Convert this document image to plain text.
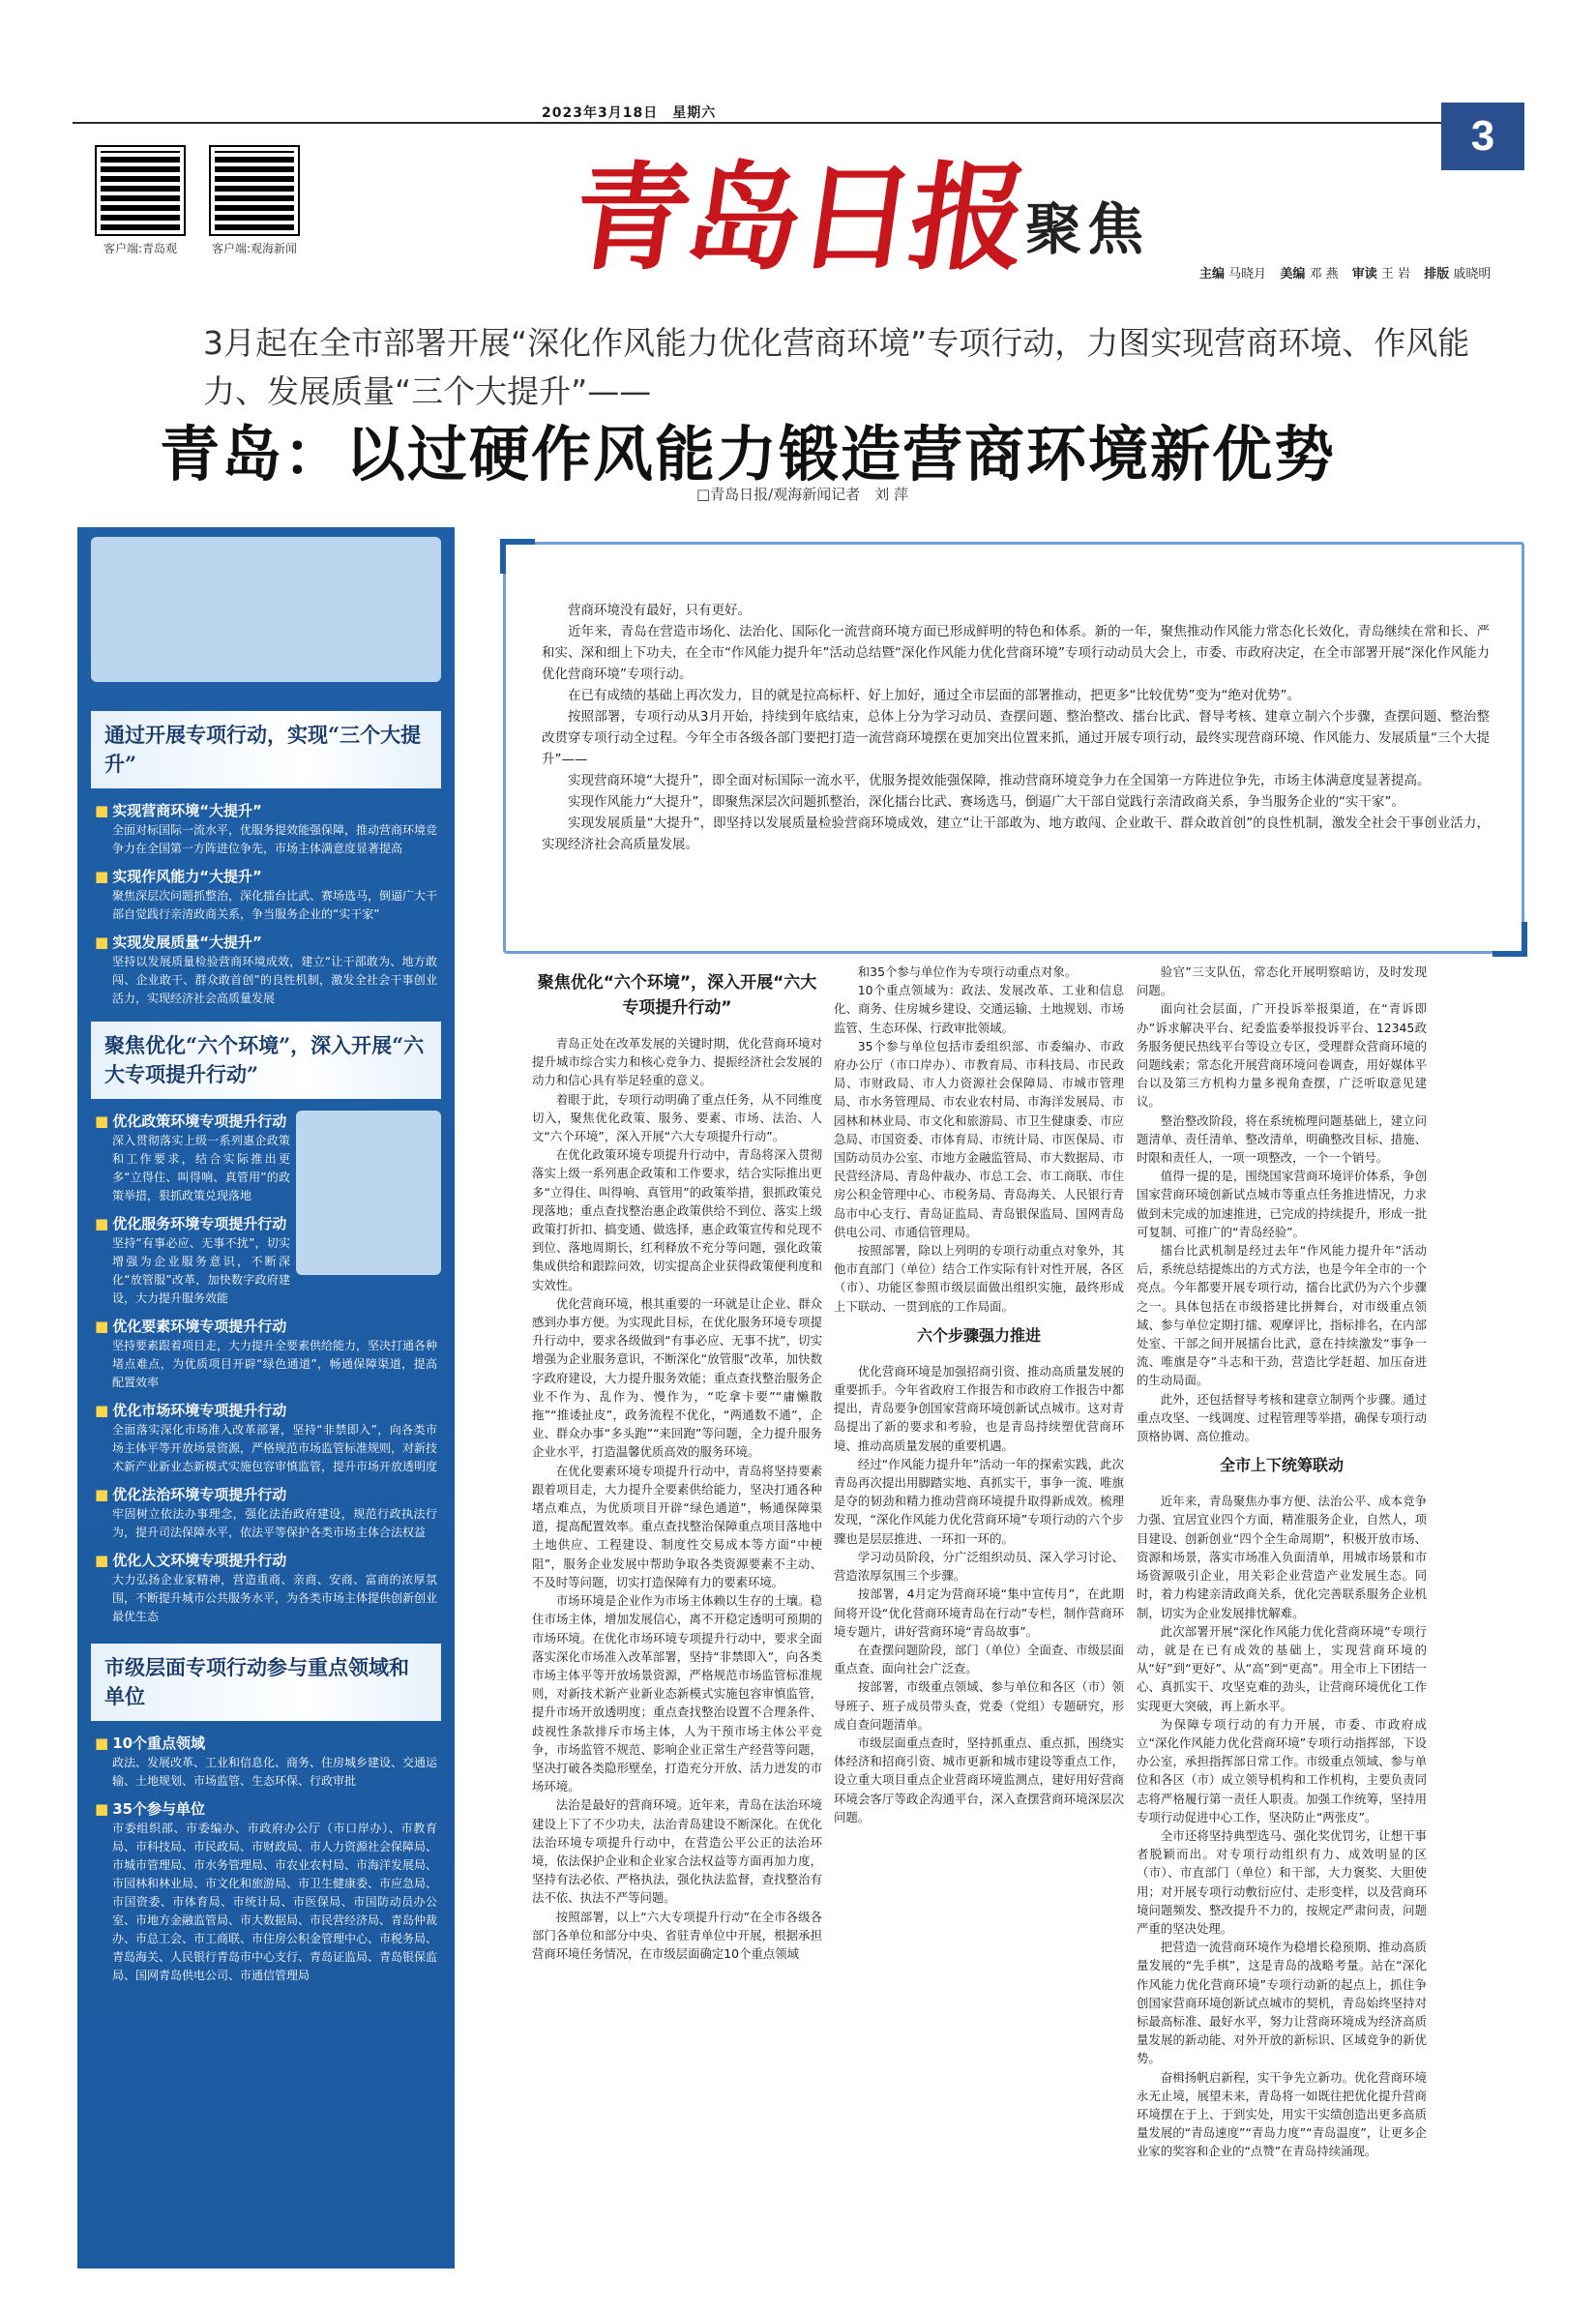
2023年3月18日　星期六	3
客户端:青岛观	客户端:观海新闻 青岛日报
聚焦
主编 马晓月 美编 邓 燕 审读 王 岩 排版 戚晓明
3月起在全市部署开展“深化作风能力优化营商环境”专项行动，力图实现营商环境、作风能力、发展质量“三个大提升”——
青岛：以过硬作风能力锻造营商环境新优势
□青岛日报/观海新闻记者　刘 萍
通过开展专项行动，实现“三个大提升”
■ 实现营商环境“大提升”
全面对标国际一流水平，优服务提效能强保障，推动营商环境竞争力在全国第一方阵进位争先，市场主体满意度显著提高
■ 实现作风能力“大提升”
聚焦深层次问题抓整治，深化擂台比武、赛场选马，倒逼广大干部自觉践行亲清政商关系，争当服务企业的“实干家”
■ 实现发展质量“大提升”
坚持以发展质量检验营商环境成效，建立“让干部敢为、地方敢闯、企业敢干、群众敢首创”的良性机制，激发全社会干事创业活力，实现经济社会高质量发展
聚焦优化“六个环境”，深入开展“六大专项提升行动”
■ 优化政策环境专项提升行动
深入贯彻落实上级一系列惠企政策和工作要求，结合实际推出更多“立得住、叫得响、真管用”的政策举措，狠抓政策兑现落地
■ 优化服务环境专项提升行动
坚持“有事必应、无事不扰”，切实增强为企业服务意识，不断深化“放管服”改革，加快数字政府建设，大力提升服务效能
■ 优化要素环境专项提升行动
坚持要素跟着项目走，大力提升全要素供给能力，坚决打通各种堵点难点，为优质项目开辟“绿色通道”，畅通保障渠道，提高配置效率
■ 优化市场环境专项提升行动
全面落实深化市场准入改革部署，坚持“非禁即入”，向各类市场主体平等开放场景资源，严格规范市场监管标准规则，对新技术新产业新业态新模式实施包容审慎监管，提升市场开放透明度
■ 优化法治环境专项提升行动
牢固树立依法办事理念，强化法治政府建设，规范行政执法行为，提升司法保障水平，依法平等保护各类市场主体合法权益
■ 优化人文环境专项提升行动
大力弘扬企业家精神，营造重商、亲商、安商、富商的浓厚氛围，不断提升城市公共服务水平，为各类市场主体提供创新创业最优生态
市级层面专项行动参与重点领域和单位
■ 10个重点领域
政法、发展改革、工业和信息化、商务、住房城乡建设、交通运输、土地规划、市场监管、生态环保、行政审批
■ 35个参与单位
市委组织部、市委编办、市政府办公厅（市口岸办）、市教育局、市科技局、市民政局、市财政局、市人力资源社会保障局、市城市管理局、市水务管理局、市农业农村局、市海洋发展局、市园林和林业局、市文化和旅游局、市卫生健康委、市应急局、市国资委、市体育局、市统计局、市医保局、市国防动员办公室、市地方金融监管局、市大数据局、市民营经济局、青岛仲裁办、市总工会、市工商联、市住房公积金管理中心、市税务局、青岛海关、人民银行青岛市中心支行、青岛证监局、青岛银保监局、国网青岛供电公司、市通信管理局

营商环境没有最好，只有更好。

近年来，青岛在营造市场化、法治化、国际化一流营商环境方面已形成鲜明的特色和体系。新的一年，聚焦推动作风能力常态化长效化，青岛继续在常和长、严和实、深和细上下功夫，在全市“作风能力提升年”活动总结暨“深化作风能力优化营商环境”专项行动动员大会上，市委、市政府决定，在全市部署开展“深化作风能力优化营商环境”专项行动。

在已有成绩的基础上再次发力，目的就是拉高标杆、好上加好，通过全市层面的部署推动，把更多“比较优势”变为“绝对优势”。

按照部署，专项行动从3月开始，持续到年底结束，总体上分为学习动员、查摆问题、整治整改、擂台比武、督导考核、建章立制六个步骤，查摆问题、整治整改贯穿专项行动全过程。今年全市各级各部门要把打造一流营商环境摆在更加突出位置来抓，通过开展专项行动，最终实现营商环境、作风能力、发展质量“三个大提升”——

实现营商环境“大提升”，即全面对标国际一流水平，优服务提效能强保障，推动营商环境竞争力在全国第一方阵进位争先，市场主体满意度显著提高。

实现作风能力“大提升”，即聚焦深层次问题抓整治，深化擂台比武、赛场选马，倒逼广大干部自觉践行亲清政商关系，争当服务企业的“实干家”。

实现发展质量“大提升”，即坚持以发展质量检验营商环境成效，建立“让干部敢为、地方敢闯、企业敢干、群众敢首创”的良性机制，激发全社会干事创业活力，实现经济社会高质量发展。

聚焦优化“六个环境”，深入开展“六大专项提升行动”

青岛正处在改革发展的关键时期，优化营商环境对提升城市综合实力和核心竞争力、提振经济社会发展的动力和信心具有举足轻重的意义。

着眼于此，专项行动明确了重点任务，从不同维度切入，聚焦优化政策、服务、要素、市场、法治、人文“六个环境”，深入开展“六大专项提升行动”。

在优化政策环境专项提升行动中，青岛将深入贯彻落实上级一系列惠企政策和工作要求，结合实际推出更多“立得住、叫得响、真管用”的政策举措，狠抓政策兑现落地；重点查找整治惠企政策供给不到位、落实上级政策打折扣、搞变通、做选择，惠企政策宣传和兑现不到位、落地周期长，红利释放不充分等问题，强化政策集成供给和跟踪问效，切实提高企业获得政策便利度和实效性。

优化营商环境，根其重要的一环就是让企业、群众感到办事方便。为实现此目标，在优化服务环境专项提升行动中，要求各级做到“有事必应、无事不扰”，切实增强为企业服务意识，不断深化“放管服”改革，加快数字政府建设，大力提升服务效能；重点查找整治服务企业不作为、乱作为、慢作为，“吃拿卡要”“庸懒散拖”“推诿扯皮”，政务流程不优化，“两通数不通”，企业、群众办事“多头跑”“来回跑”等问题，全力提升服务企业水平，打造温馨优质高效的服务环境。

在优化要素环境专项提升行动中，青岛将坚持要素跟着项目走，大力提升全要素供给能力，坚决打通各种堵点难点，为优质项目开辟“绿色通道”，畅通保障渠道，提高配置效率。重点查找整治保障重点项目落地中土地供应、工程建设、制度性交易成本等方面“中梗阻”，服务企业发展中帮助争取各类资源要素不主动、不及时等问题，切实打造保障有力的要素环境。

市场环境是企业作为市场主体赖以生存的土壤。稳住市场主体，增加发展信心，离不开稳定透明可预期的市场环境。在优化市场环境专项提升行动中，要求全面落实深化市场准入改革部署，坚持“非禁即入”，向各类市场主体平等开放场景资源，严格规范市场监管标准规则，对新技术新产业新业态新模式实施包容审慎监管，提升市场开放透明度；重点查找整治设置不合理条件、歧视性条款排斥市场主体，人为干预市场主体公平竞争，市场监管不规范、影响企业正常生产经营等问题，坚决打破各类隐形壁垒，打造充分开放、活力迸发的市场环境。

法治是最好的营商环境。近年来，青岛在法治环境建设上下了不少功夫，法治青岛建设不断深化。在优化法治环境专项提升行动中，在营造公平公正的法治环境，依法保护企业和企业家合法权益等方面再加力度，坚持有法必依、严格执法，强化执法监督，查找整治有法不依、执法不严等问题。

按照部署，以上“六大专项提升行动”在全市各级各部门各单位和部分中央、省驻青单位中开展，根据承担营商环境任务情况，在市级层面确定10个重点领域

和35个参与单位作为专项行动重点对象。

10个重点领域为：政法、发展改革、工业和信息化、商务、住房城乡建设、交通运输、土地规划、市场监管、生态环保、行政审批领域。

35个参与单位包括市委组织部、市委编办、市政府办公厅（市口岸办）、市教育局、市科技局、市民政局、市财政局、市人力资源社会保障局、市城市管理局、市水务管理局、市农业农村局、市海洋发展局、市园林和林业局、市文化和旅游局、市卫生健康委、市应急局、市国资委、市体育局、市统计局、市医保局、市国防动员办公室、市地方金融监管局、市大数据局、市民营经济局、青岛仲裁办、市总工会、市工商联、市住房公积金管理中心、市税务局、青岛海关、人民银行青岛市中心支行、青岛证监局、青岛银保监局、国网青岛供电公司、市通信管理局。

按照部署，除以上列明的专项行动重点对象外，其他市直部门（单位）结合工作实际有针对性开展，各区（市）、功能区参照市级层面做出组织实施，最终形成上下联动、一贯到底的工作局面。

六个步骤强力推进

优化营商环境是加强招商引资、推动高质量发展的重要抓手。今年省政府工作报告和市政府工作报告中都提出，青岛要争创国家营商环境创新试点城市。这对青岛提出了新的要求和考验，也是青岛持续塑优营商环境、推动高质量发展的重要机遇。

经过“作风能力提升年”活动一年的探索实践，此次青岛再次提出用脚踏实地、真抓实干，事争一流、唯旗是夺的韧劲和精力推动营商环境提升取得新成效。梳理发现，“深化作风能力优化营商环境”专项行动的六个步骤也是层层推进、一环扣一环的。

学习动员阶段，分广泛组织动员、深入学习讨论、营造浓厚氛围三个步骤。

按部署，4月定为营商环境“集中宣传月”，在此期间将开设“优化营商环境青岛在行动”专栏，制作营商环境专题片，讲好营商环境“青岛故事”。

在查摆问题阶段，部门（单位）全面查、市级层面重点查、面向社会广泛查。

按部署，市级重点领域、参与单位和各区（市）领导班子、班子成员带头查，党委（党组）专题研究，形成自查问题清单。

市级层面重点查时，坚持抓重点、重点抓，围绕实体经济和招商引资、城市更新和城市建设等重点工作，设立重大项目重点企业营商环境监测点，建好用好营商环境会客厅等政企沟通平台，深入查摆营商环境深层次问题。

验官”三支队伍，常态化开展明察暗访，及时发现问题。

面向社会层面，广开投诉举报渠道，在“青诉即办”诉求解决平台、纪委监委举报投诉平台、12345政务服务便民热线平台等设立专区，受理群众营商环境的问题线索；常态化开展营商环境问卷调查，用好媒体平台以及第三方机构力量多视角查摆，广泛听取意见建议。

整治整改阶段，将在系统梳理问题基础上，建立问题清单、责任清单、整改清单，明确整改目标、措施、时限和责任人，一项一项整改，一个一个销号。

值得一提的是，围绕国家营商环境评价体系，争创国家营商环境创新试点城市等重点任务推进情况，力求做到未完成的加速推进，已完成的持续提升，形成一批可复制、可推广的“青岛经验”。

擂台比武机制是经过去年“作风能力提升年”活动后，系统总结提炼出的方式方法，也是今年全市的一个亮点。今年都要开展专项行动，擂台比武仍为六个步骤之一。具体包括在市级搭建比拼舞台，对市级重点领域、参与单位定期打擂、观摩评比，指标排名，在内部处室、干部之间开展擂台比武，意在持续激发“事争一流、唯旗是夺”斗志和干劲，营造比学赶超、加压奋进的生动局面。

此外，还包括督导考核和建章立制两个步骤。通过重点攻坚、一线调度、过程管理等举措，确保专项行动顶格协调、高位推动。

全市上下统筹联动

近年来，青岛聚焦办事方便、法治公平、成本竞争力强、宜居宜业四个方面，精准服务企业，自然人，项目建设、创新创业“四个全生命周期”，积极开放市场、资源和场景，落实市场准入负面清单，用城市场景和市场资源吸引企业，用关彩企业营造产业发展生态。同时，着力构建亲清政商关系，优化完善联系服务企业机制，切实为企业发展排忧解难。

此次部署开展“深化作风能力优化营商环境”专项行动，就是在已有成效的基础上，实现营商环境的从“好”到“更好”、从“高”到“更高”。用全市上下团结一心、真抓实干、攻坚克难的劲头，让营商环境优化工作实现更大突破，再上新水平。

为保障专项行动的有力开展，市委、市政府成立“深化作风能力优化营商环境”专项行动指挥部，下设办公室，承担指挥部日常工作。市级重点领域、参与单位和各区（市）成立领导机构和工作机构，主要负责同志将严格履行第一责任人职责。加强工作统筹，坚持用专项行动促进中心工作，坚决防止“两张皮”。

全市还将坚持典型选马、强化奖优罚劣，让想干事者脱颖而出。对专项行动组织有力、成效明显的区（市）、市直部门（单位）和干部，大力褒奖、大胆使用；对开展专项行动敷衍应付、走形变样，以及营商环境问题频发、整改提升不力的，按规定严肃问责，问题严重的坚决处理。

把营造一流营商环境作为稳增长稳预期、推动高质量发展的“先手棋”，这是青岛的战略考量。站在“深化作风能力优化营商环境”专项行动新的起点上，抓住争创国家营商环境创新试点城市的契机，青岛始终坚持对标最高标准、最好水平，努力让营商环境成为经济高质量发展的新动能、对外开放的新标识、区域竞争的新优势。

奋楫扬帆启新程，实干争先立新功。优化营商环境永无止境，展望未来，青岛将一如既往把优化提升营商环境摆在于上、于到实处，用实干实绩创造出更多高质量发展的“青岛速度”“青岛力度”“青岛温度”，让更多企业家的奖容和企业的“点赞”在青岛持续涌现。
